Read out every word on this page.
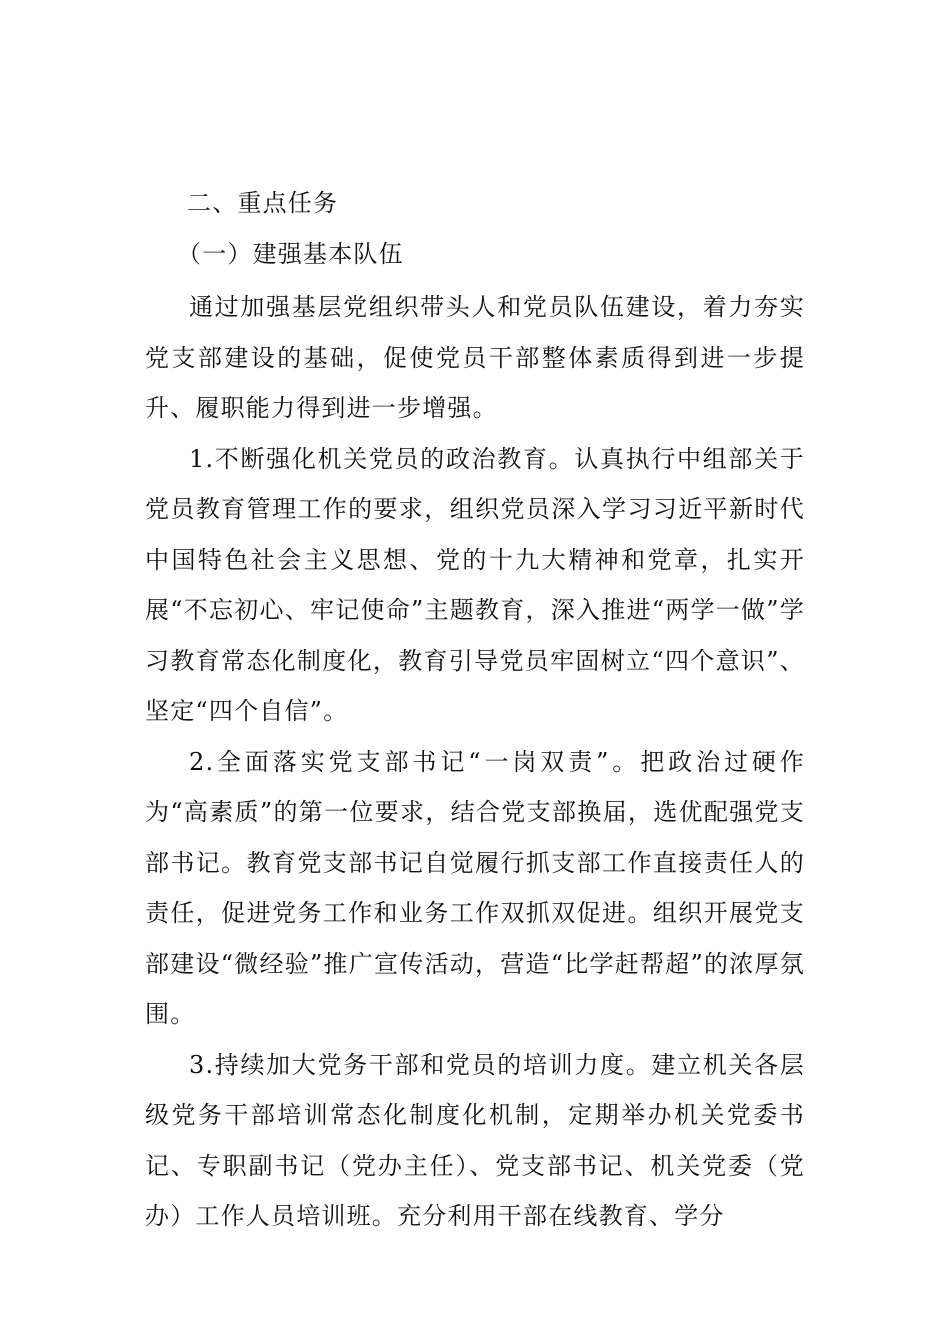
二、重点任务
（一）建强基本队伍

通过加强基层党组织带头人和党员队伍建设，着力夯实党支部建设的基础，促使党员干部整体素质得到进一步提升、履职能力得到进一步增强。

1.不断强化机关党员的政治教育。认真执行中组部关于党员教育管理工作的要求，组织党员深入学习习近平新时代中国特色社会主义思想、党的十九大精神和党章，扎实开展“不忘初心、牢记使命”主题教育，深入推进“两学一做”学习教育常态化制度化，教育引导党员牢固树立“四个意识”、坚定“四个自信”。

2.全面落实党支部书记“一岗双责”。把政治过硬作为“高素质”的第一位要求，结合党支部换届，选优配强党支部书记。教育党支部书记自觉履行抓支部工作直接责任人的责任，促进党务工作和业务工作双抓双促进。组织开展党支部建设“微经验”推广宣传活动，营造“比学赶帮超”的浓厚氛围。

3.持续加大党务干部和党员的培训力度。建立机关各层级党务干部培训常态化制度化机制，定期举办机关党委书记、专职副书记（党办主任）、党支部书记、机关党委（党办）工作人员培训班。充分利用干部在线教育、学分
